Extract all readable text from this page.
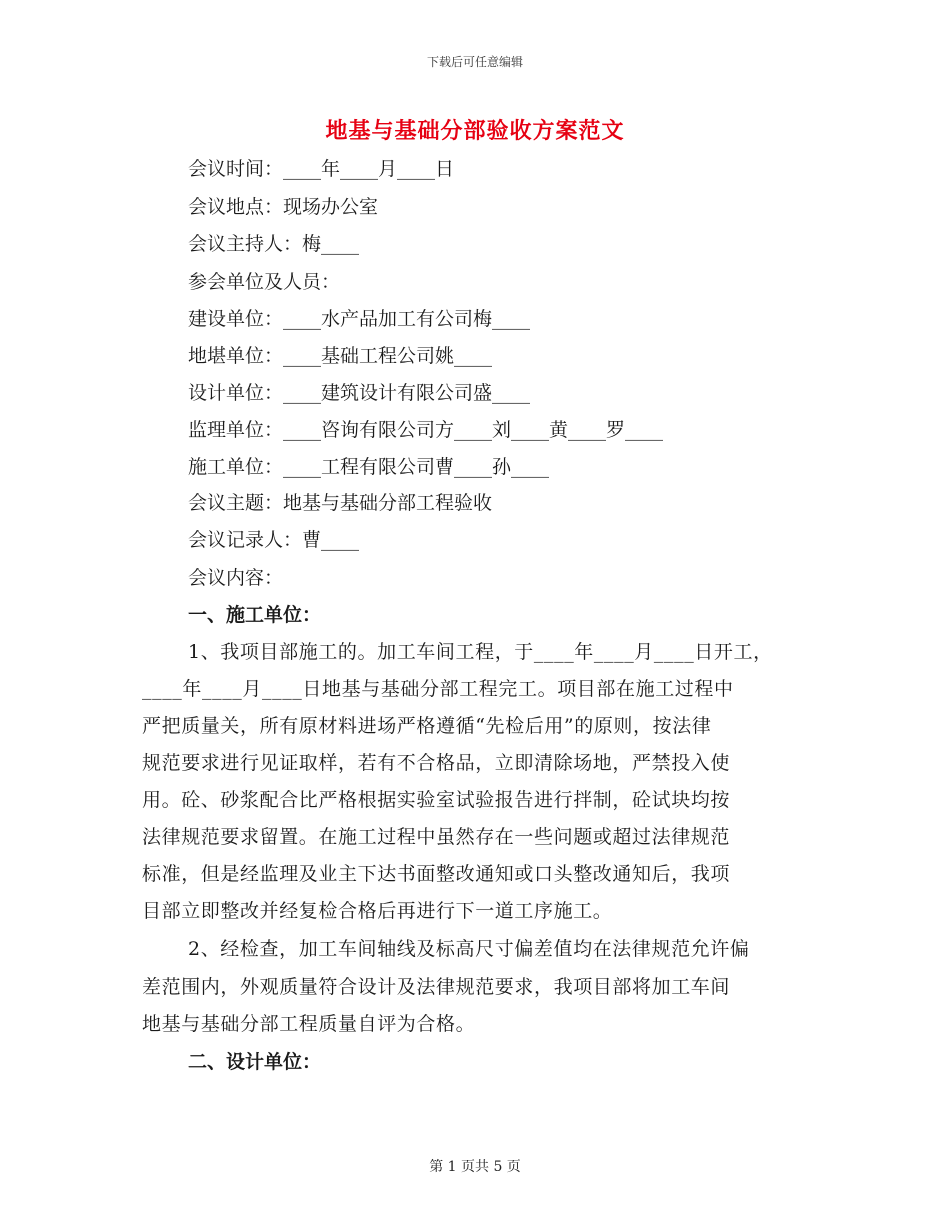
下载后可任意编辑
地基与基础分部验收方案范文
会议时间：____年____月____日
会议地点：现场办公室
会议主持人：梅____
参会单位及人员：
建设单位：____水产品加工有公司梅____
地堪单位：____基础工程公司姚____
设计单位：____建筑设计有限公司盛____
监理单位：____咨询有限公司方____刘____黄____罗____
施工单位：____工程有限公司曹____孙____
会议主题：地基与基础分部工程验收
会议记录人：曹____
会议内容：
一、施工单位：
1、我项目部施工的。加工车间工程，于____年____月____日开工，
____年____月____日地基与基础分部工程完工。项目部在施工过程中
严把质量关，所有原材料进场严格遵循“先检后用”的原则，按法律
规范要求进行见证取样，若有不合格品，立即清除场地，严禁投入使
用。砼、砂浆配合比严格根据实验室试验报告进行拌制，砼试块均按
法律规范要求留置。在施工过程中虽然存在一些问题或超过法律规范
标准，但是经监理及业主下达书面整改通知或口头整改通知后，我项
目部立即整改并经复检合格后再进行下一道工序施工。
2、经检查，加工车间轴线及标高尺寸偏差值均在法律规范允许偏
差范围内，外观质量符合设计及法律规范要求，我项目部将加工车间
地基与基础分部工程质量自评为合格。
二、设计单位：
第 1 页共 5 页
